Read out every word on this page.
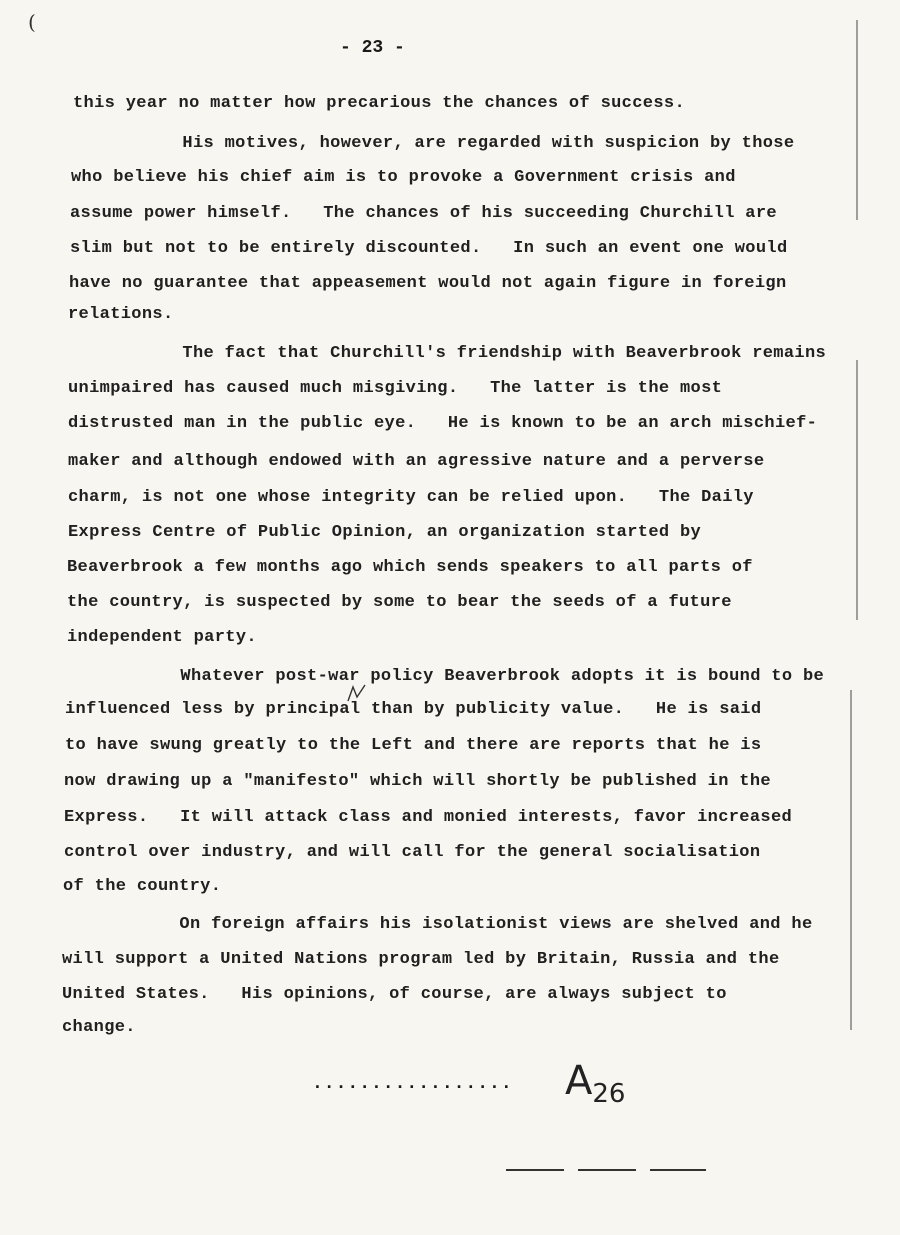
(
- 23 -
this year no matter how precarious the chances of success.
His motives, however, are regarded with suspicion by those
who believe his chief aim is to provoke a Government crisis and
assume power himself.   The chances of his succeeding Churchill are
slim but not to be entirely discounted.   In such an event one would
have no guarantee that appeasement would not again figure in foreign
relations.
The fact that Churchill's friendship with Beaverbrook remains
unimpaired has caused much misgiving.   The latter is the most
distrusted man in the public eye.   He is known to be an arch mischief-
maker and although endowed with an agressive nature and a perverse
charm, is not one whose integrity can be relied upon.   The Daily
Express Centre of Public Opinion, an organization started by
Beaverbrook a few months ago which sends speakers to all parts of
the country, is suspected by some to bear the seeds of a future
independent party.
Whatever post-war policy Beaverbrook adopts it is bound to be
influenced less by principal than by publicity value.   He is said
to have swung greatly to the Left and there are reports that he is
now drawing up a "manifesto" which will shortly be published in the
Express.   It will attack class and monied interests, favor increased
control over industry, and will call for the general socialisation
of the country.
On foreign affairs his isolationist views are shelved and he
will support a United Nations program led by Britain, Russia and the
United States.   His opinions, of course, are always subject to
change.
................. $A_{26}$
